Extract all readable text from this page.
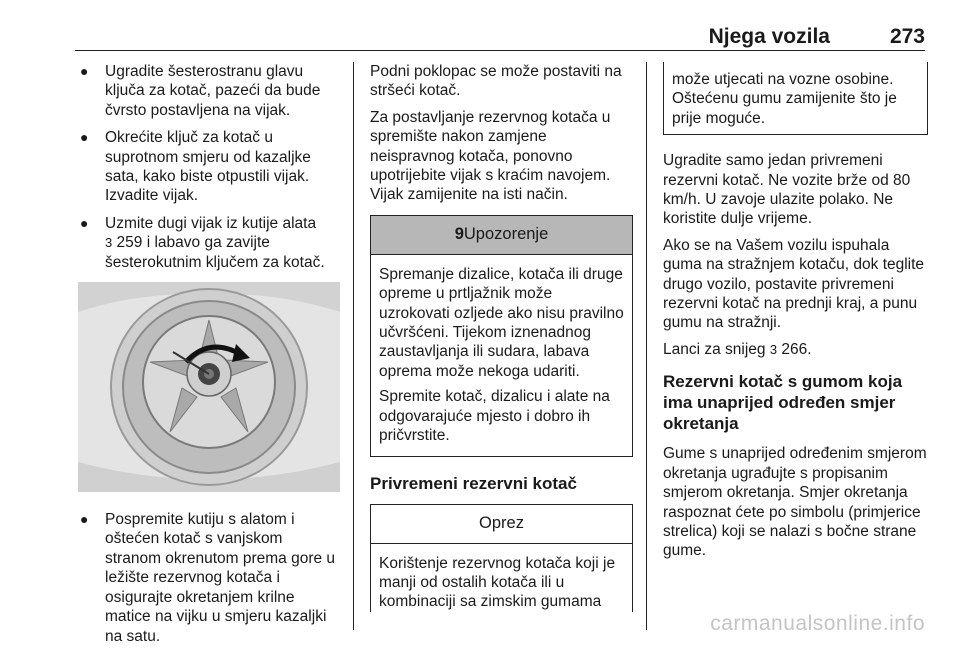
Njega vozila	273
● Ugradite šesterostranu glavu ključa za kotač, pazeći da bude čvrsto postavljena na vijak.
● Okrećite ključ za kotač u suprotnom smjeru od kazaljke sata, kako biste otpustili vijak. Izvadite vijak.
● Uzmite dugi vijak iz kutije alata
3 259 i labavo ga zavijte šesterokutnim ključem za kotač.
● Pospremite kutiju s alatom i oštećen kotač s vanjskom stranom okrenutom prema gore u ležište rezervnog kotača i osigurajte okretanjem krilne matice na vijku u smjeru kazaljki na satu.

Podni poklopac se može postaviti na stršeći kotač.

Za postavljanje rezervnog kotača u spremište nakon zamjene neispravnog kotača, ponovno upotrijebite vijak s kraćim navojem. Vijak zamijenite na isti način.

9 Upozorenje

Spremanje dizalice, kotača ili druge opreme u prtljažnik može uzrokovati ozljede ako nisu pravilno učvršćeni. Tijekom iznenadnog zaustavljanja ili sudara, labava oprema može nekoga udariti.

Spremite kotač, dizalicu i alate na odgovarajuće mjesto i dobro ih pričvrstite.

Privremeni rezervni kotač
Oprez

Korištenje rezervnog kotača koji je manji od ostalih kotača ili u kombinaciji sa zimskim gumama

može utjecati na vozne osobine. Oštećenu gumu zamijenite što je prije moguće.

Ugradite samo jedan privremeni rezervni kotač. Ne vozite brže od 80 km/h. U zavoje ulazite polako. Ne koristite dulje vrijeme.

Ako se na Vašem vozilu ispuhala guma na stražnjem kotaču, dok teglite drugo vozilo, postavite privremeni rezervni kotač na prednji kraj, a punu gumu na stražnji.

Lanci za snijeg 3 266.

Rezervni kotač s gumom koja ima unaprijed određen smjer okretanja

Gume s unaprijed određenim smjerom okretanja ugrađujte s propisanim smjerom okretanja. Smjer okretanja raspoznat ćete po simbolu (primjerice strelica) koji se nalazi s bočne strane gume.

carmanualsonline.info
